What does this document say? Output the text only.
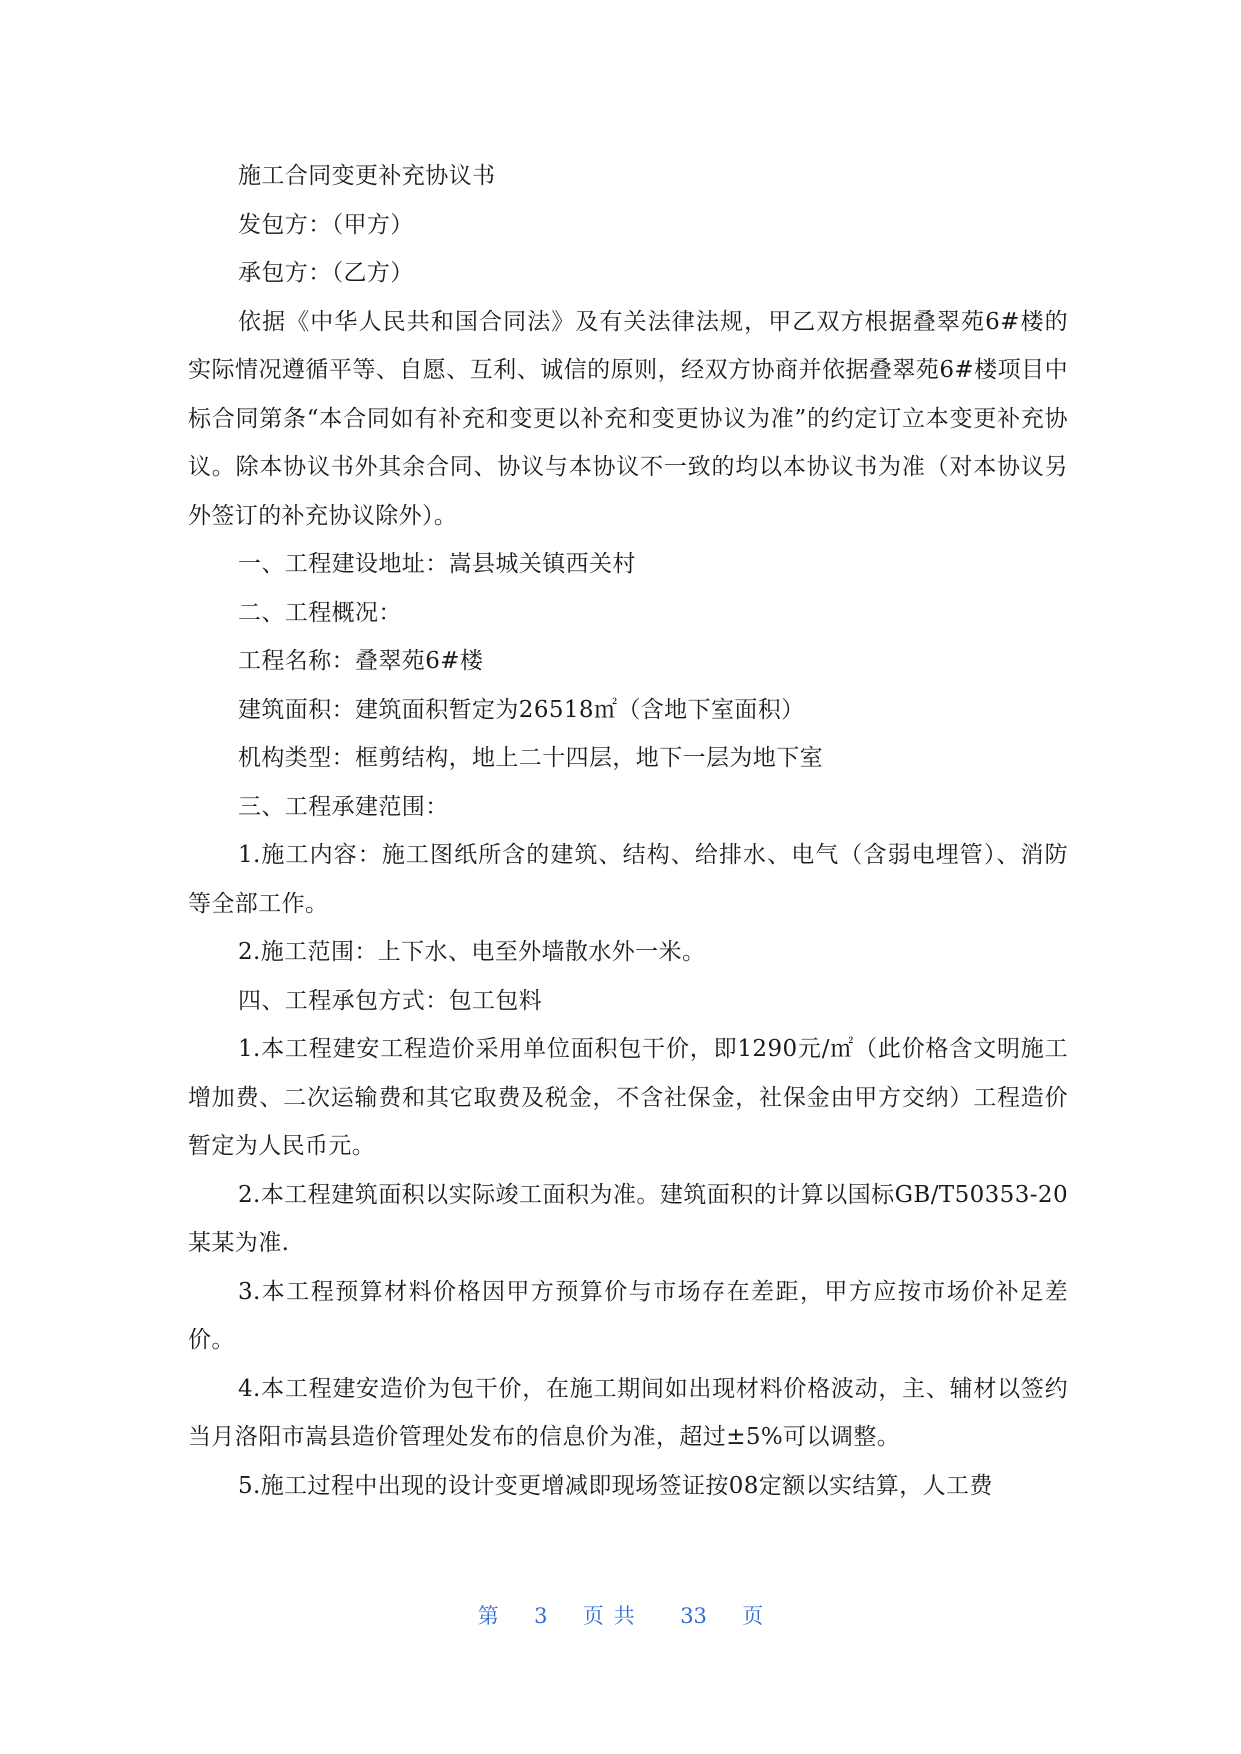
施工合同变更补充协议书

发包方：（甲方）

承包方：（乙方）

依据《中华人民共和国合同法》及有关法律法规，甲乙双方根据叠翠苑6#楼的实际情况遵循平等、自愿、互利、诚信的原则，经双方协商并依据叠翠苑6#楼项目中标合同第条“本合同如有补充和变更以补充和变更协议为准”的约定订立本变更补充协议。除本协议书外其余合同、协议与本协议不一致的均以本协议书为准（对本协议另外签订的补充协议除外）。

一、工程建设地址：嵩县城关镇西关村

二、工程概况：

工程名称：叠翠苑6#楼

建筑面积：建筑面积暂定为26518㎡（含地下室面积）

机构类型：框剪结构，地上二十四层，地下一层为地下室

三、工程承建范围：

1.施工内容：施工图纸所含的建筑、结构、给排水、电气（含弱电埋管）、消防等全部工作。

2.施工范围：上下水、电至外墙散水外一米。

四、工程承包方式：包工包料

1.本工程建安工程造价采用单位面积包干价，即1290元/㎡（此价格含文明施工增加费、二次运输费和其它取费及税金，不含社保金，社保金由甲方交纳）工程造价暂定为人民币元。

2.本工程建筑面积以实际竣工面积为准。建筑面积的计算以国标GB/T50353-20某某为准.

3.本工程预算材料价格因甲方预算价与市场存在差距，甲方应按市场价补足差价。

4.本工程建安造价为包干价，在施工期间如出现材料价格波动，主、辅材以签约当月洛阳市嵩县造价管理处发布的信息价为准，超过±5%可以调整。

5.施工过程中出现的设计变更增减即现场签证按08定额以实结算，人工费

第 3 页共 33 页
